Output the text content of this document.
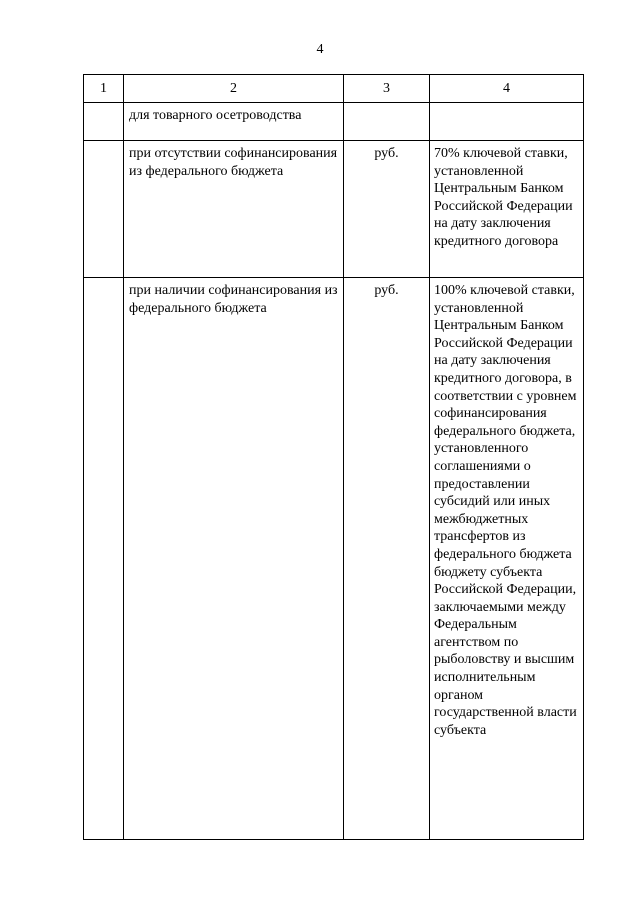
4
1	2	3	4

	для товарного осетроводства		

	при отсутствии софинансирования из федерального бюджета	руб.	70% ключевой ставки, установленной Центральным Банком Российской Федерации на дату заключения кредитного договора

	при наличии софинансирования из федерального бюджета	руб.	100% ключевой ставки, установленной Центральным Банком Российской Федерации на дату заключения кредитного договора, в соответствии с уровнем софинансирования федерального бюджета, установленного соглашениями о предоставлении субсидий или иных межбюджетных трансфертов из федерального бюджета бюджету субъекта Российской Федерации, заключаемыми между Федеральным агентством по рыболовству и высшим исполнительным органом государственной власти субъекта
